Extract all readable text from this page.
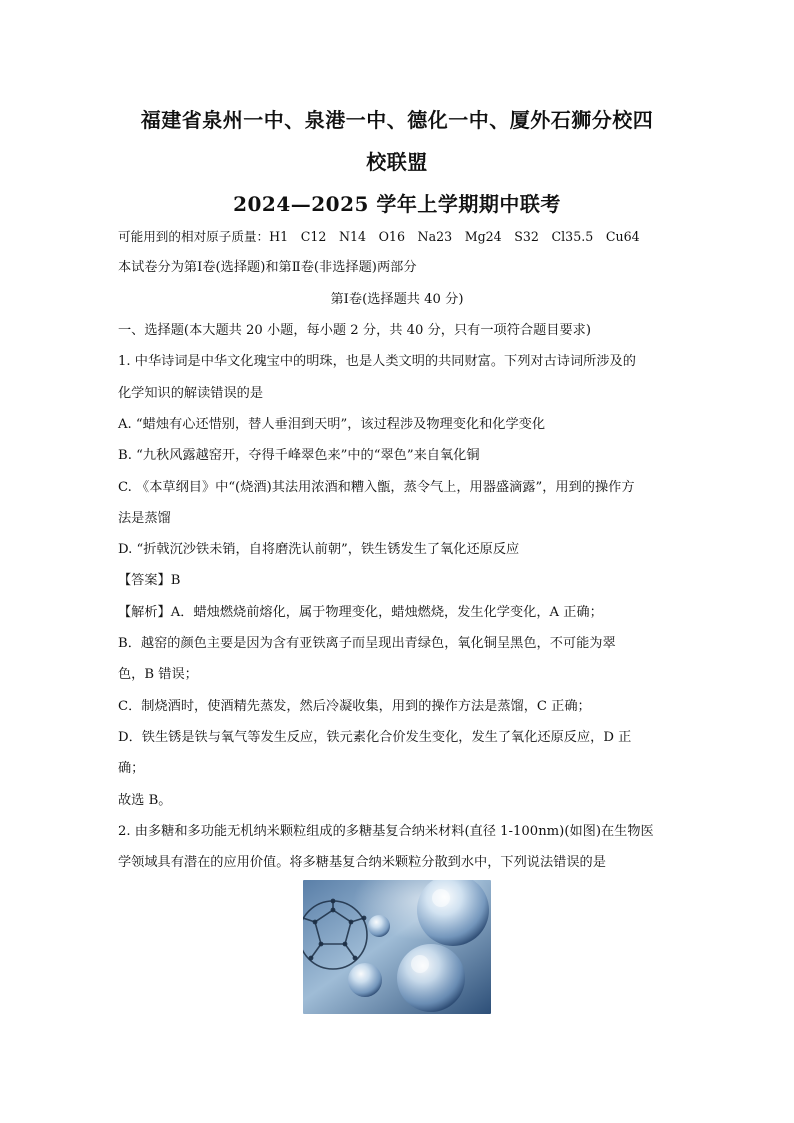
福建省泉州一中、泉港一中、德化一中、厦外石狮分校四
校联盟
2024—2025 学年上学期期中联考
可能用到的相对原子质量：H1　C12　N14　O16　Na23　Mg24　S32　Cl35.5　Cu64
本试卷分为第Ⅰ卷(选择题)和第Ⅱ卷(非选择题)两部分
第Ⅰ卷(选择题共 40 分)
一、选择题(本大题共 20 小题，每小题 2 分，共 40 分，只有一项符合题目要求)
1. 中华诗词是中华文化瑰宝中的明珠，也是人类文明的共同财富。下列对古诗词所涉及的
化学知识的解读错误的是
A. “蜡烛有心还惜别，替人垂泪到天明”，该过程涉及物理变化和化学变化
B. “九秋风露越窑开，夺得千峰翠色来”中的“翠色”来自氧化铜
C. 《本草纲目》中“(烧酒)其法用浓酒和糟入甑，蒸令气上，用器盛滴露”，用到的操作方
法是蒸馏
D. “折戟沉沙铁未销，自将磨洗认前朝”，铁生锈发生了氧化还原反应
【答案】B
【解析】A．蜡烛燃烧前熔化，属于物理变化，蜡烛燃烧，发生化学变化，A 正确；
B．越窑的颜色主要是因为含有亚铁离子而呈现出青绿色，氧化铜呈黑色，不可能为翠
色，B 错误；
C．制烧酒时，使酒精先蒸发，然后冷凝收集，用到的操作方法是蒸馏，C 正确；
D．铁生锈是铁与氧气等发生反应，铁元素化合价发生变化，发生了氧化还原反应，D 正
确；
故选 B。
2. 由多糖和多功能无机纳米颗粒组成的多糖基复合纳米材料(直径 1-100nm)(如图)在生物医
学领域具有潜在的应用价值。将多糖基复合纳米颗粒分散到水中，下列说法错误的是
